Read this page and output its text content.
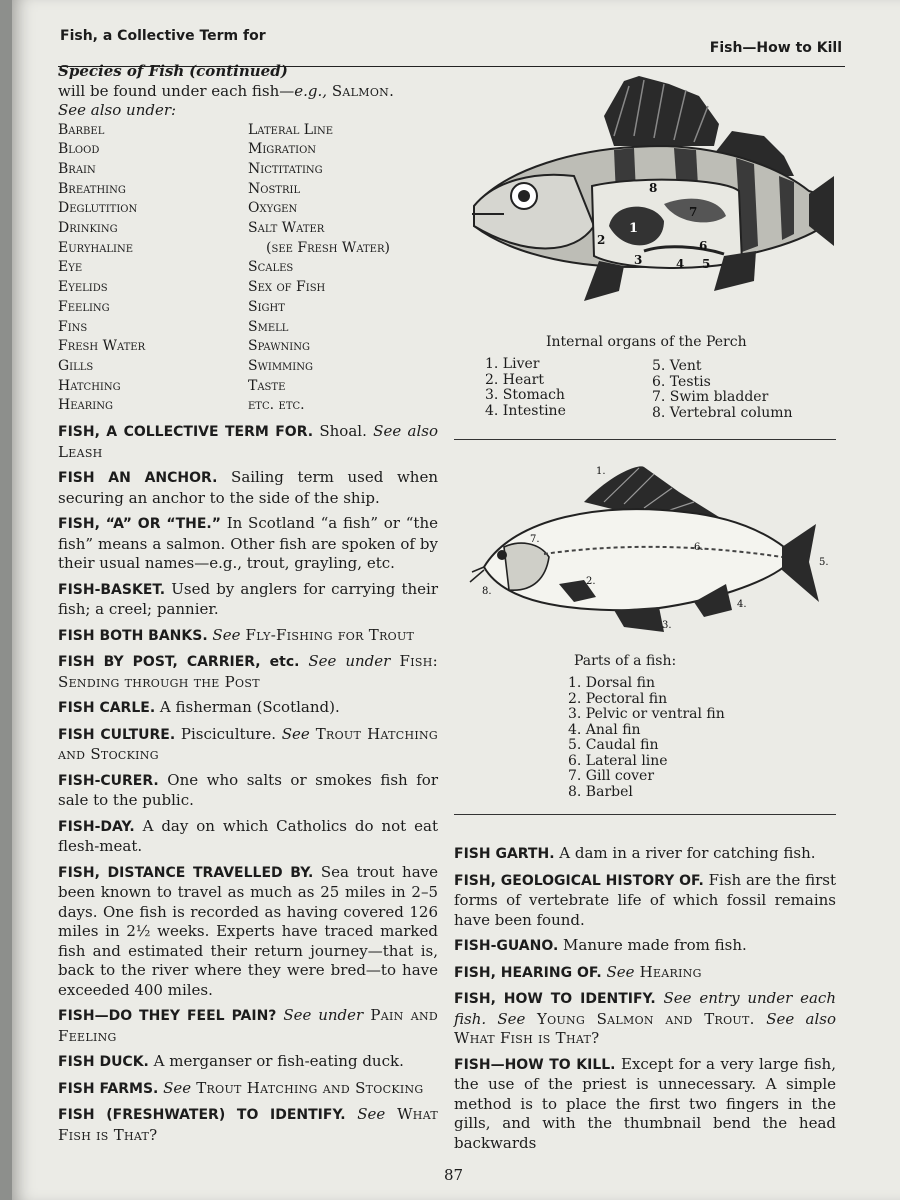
Fish, a Collective Term for
Fish—How to Kill
Species of Fish (continued)
will be found under each fish—e.g., Salmon.
See also under:
Barbel
Blood
Brain
Breathing
Deglutition
Drinking
Euryhaline
Eye
Eyelids
Feeling
Fins
Fresh Water
Gills
Hatching
Hearing
Lateral Line
Migration
Nictitating
Nostril
Oxygen
Salt Water
(see Fresh Water)
Scales
Sex of Fish
Sight
Smell
Spawning
Swimming
Taste
etc. etc.
FISH, A COLLECTIVE TERM FOR. Shoal. See also Leash
FISH AN ANCHOR. Sailing term used when securing an anchor to the side of the ship.
FISH, “A” OR “THE.” In Scotland “a fish” or “the fish” means a salmon. Other fish are spoken of by their usual names—e.g., trout, grayling, etc.
FISH-BASKET. Used by anglers for carrying their fish; a creel; pannier.
FISH BOTH BANKS. See Fly-Fishing for Trout
FISH BY POST, CARRIER, etc. See under Fish: Sending through the Post
FISH CARLE. A fisherman (Scotland).
FISH CULTURE. Pisciculture. See Trout Hatching and Stocking
FISH-CURER. One who salts or smokes fish for sale to the public.
FISH-DAY. A day on which Catholics do not eat flesh-meat.
FISH, DISTANCE TRAVELLED BY. Sea trout have been known to travel as much as 25 miles in 2–5 days. One fish is recorded as having covered 126 miles in 2½ weeks. Experts have traced marked fish and estimated their return journey—that is, back to the river where they were bred—to have exceeded 400 miles.
FISH—DO THEY FEEL PAIN? See under Pain and Feeling
FISH DUCK. A merganser or fish-eating duck.
FISH FARMS. See Trout Hatching and Stocking
FISH (FRESHWATER) TO IDENTIFY. See What Fish is That?
1
2
3	4 5
6
7
8
Internal organs of the Perch
1. Liver
2. Heart
3. Stomach
4. Intestine
5. Vent
6. Testis
7. Swim bladder
8. Vertebral column
1.
2.
3.
4.
5.
6.
7.
8.
Parts of a fish:
1. Dorsal fin
2. Pectoral fin
3. Pelvic or ventral fin
4. Anal fin
5. Caudal fin
6. Lateral line
7. Gill cover
8. Barbel
FISH GARTH. A dam in a river for catching fish.
FISH, GEOLOGICAL HISTORY OF. Fish are the first forms of vertebrate life of which fossil remains have been found.
FISH-GUANO. Manure made from fish.
FISH, HEARING OF. See Hearing
FISH, HOW TO IDENTIFY. See entry under each fish. See Young Salmon and Trout. See also What Fish is That?
FISH—HOW TO KILL. Except for a very large fish, the use of the priest is unnecessary. A simple method is to place the first two fingers in the gills, and with the thumbnail bend the head backwards
87
